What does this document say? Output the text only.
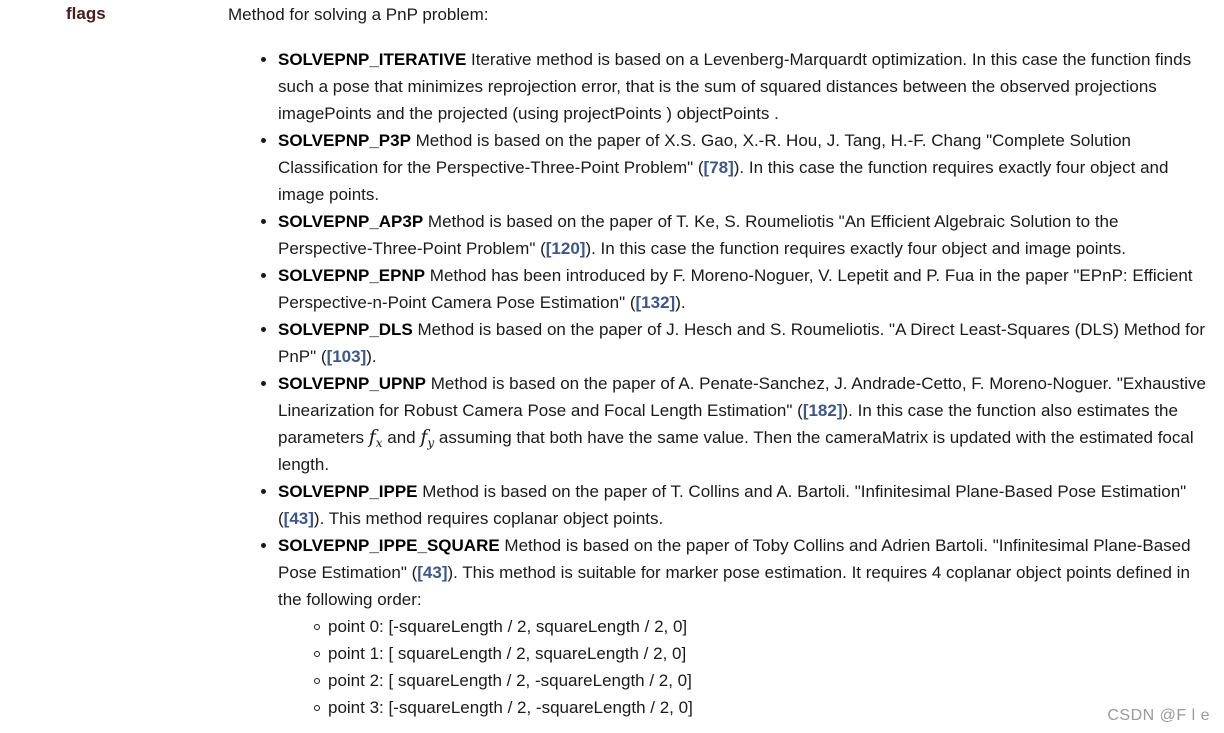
flags	Method for solving a PnP problem:

SOLVEPNP_ITERATIVE Iterative method is based on a Levenberg-Marquardt optimization. In this case the function finds such a pose that minimizes reprojection error, that is the sum of squared distances between the observed projections imagePoints and the projected (using projectPoints ) objectPoints .
SOLVEPNP_P3P Method is based on the paper of X.S. Gao, X.-R. Hou, J. Tang, H.-F. Chang "Complete Solution Classification for the Perspective-Three-Point Problem" ([78]). In this case the function requires exactly four object and image points.
SOLVEPNP_AP3P Method is based on the paper of T. Ke, S. Roumeliotis "An Efficient Algebraic Solution to the Perspective-Three-Point Problem" ([120]). In this case the function requires exactly four object and image points.
SOLVEPNP_EPNP Method has been introduced by F. Moreno-Noguer, V. Lepetit and P. Fua in the paper "EPnP: Efficient Perspective-n-Point Camera Pose Estimation" ([132]).
SOLVEPNP_DLS Method is based on the paper of J. Hesch and S. Roumeliotis. "A Direct Least-Squares (DLS) Method for PnP" ([103]).
SOLVEPNP_UPNP Method is based on the paper of A. Penate-Sanchez, J. Andrade-Cetto, F. Moreno-Noguer. "Exhaustive Linearization for Robust Camera Pose and Focal Length Estimation" ([182]). In this case the function also estimates the parameters $f_x$ and $f_y$ assuming that both have the same value. Then the cameraMatrix is updated with the estimated focal length.
SOLVEPNP_IPPE Method is based on the paper of T. Collins and A. Bartoli. "Infinitesimal Plane-Based Pose Estimation" ([43]). This method requires coplanar object points.
SOLVEPNP_IPPE_SQUARE Method is based on the paper of Toby Collins and Adrien Bartoli. "Infinitesimal Plane-Based Pose Estimation" ([43]). This method is suitable for marker pose estimation. It requires 4 coplanar object points defined in the following order:
point 0: [-squareLength / 2, squareLength / 2, 0]
point 1: [ squareLength / 2, squareLength / 2, 0]
point 2: [ squareLength / 2, -squareLength / 2, 0]
point 3: [-squareLength / 2, -squareLength / 2, 0]	CSDN @F l e
